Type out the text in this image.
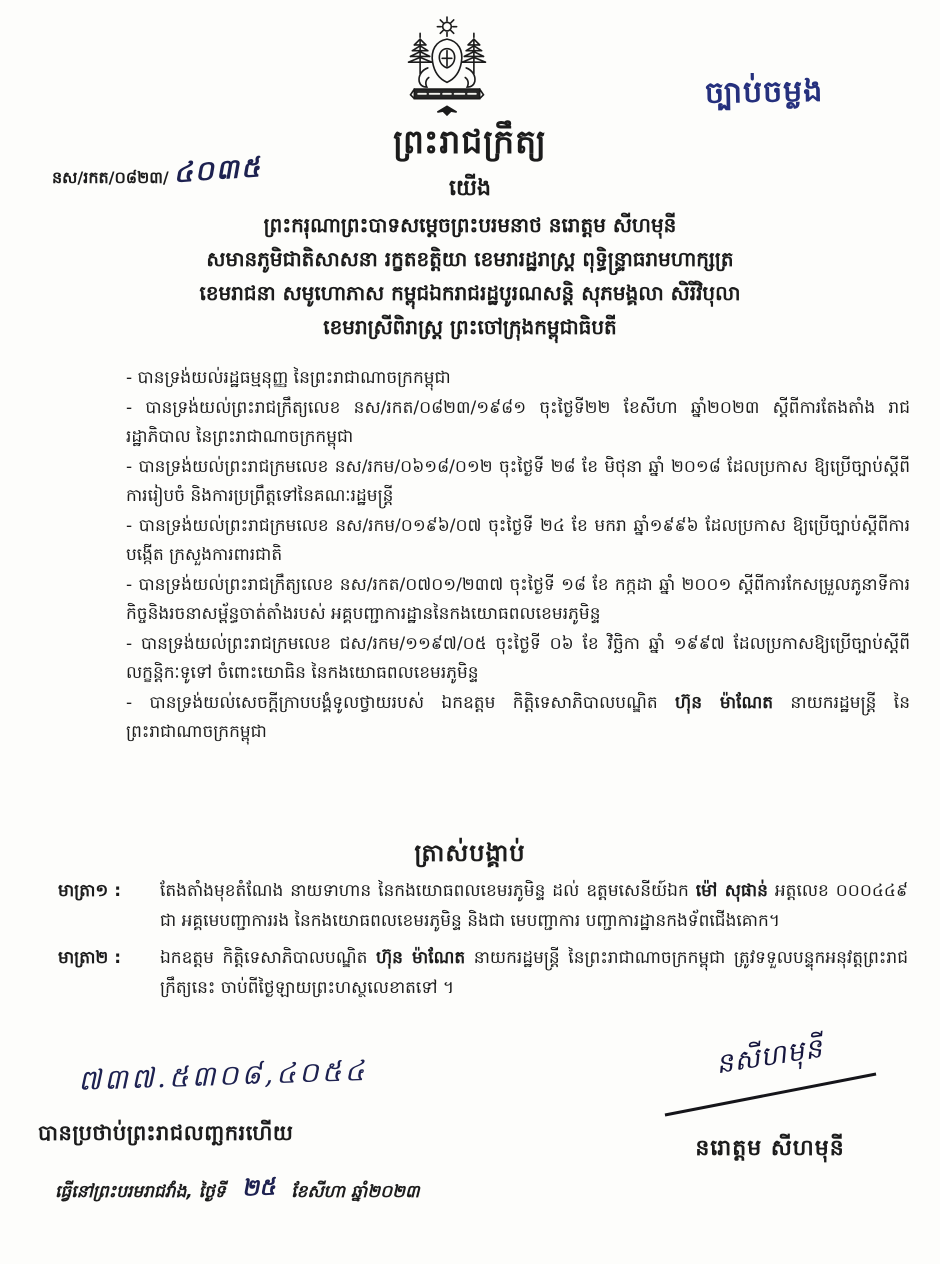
ច្បាប់ចម្លង
ព្រះរាជក្រឹត្យ
នស/រកត/០៨២៣/ ៤០៣៥	យើង
ព្រះករុណាព្រះបាទសម្តេចព្រះបរមនាថ នរោត្តម សីហមុនី
សមានភូមិជាតិសាសនា រក្ខតខត្តិយា ខេមរារដ្ឋរាស្ត្រ ពុទ្ធិន្ទ្រាធរាមហាក្សត្រ
ខេមរាជនា សមូហោភាស កម្ពុជឯករាជរដ្ឋបូរណសន្តិ សុភមង្គលា សិរីវិបុលា
ខេមរាស្រីពិរាស្ត្រ ព្រះចៅក្រុងកម្ពុជាធិបតី
- បានទ្រង់យល់រដ្ឋធម្មនុញ្ញ នៃព្រះរាជាណាចក្រកម្ពុជា
- បានទ្រង់យល់ព្រះរាជក្រឹត្យលេខ នស/រកត/០៨២៣/១៩៨១ ចុះថ្ងៃទី២២ ខែសីហា ឆ្នាំ២០២៣ ស្តីពីការតែងតាំង រាជរដ្ឋាភិបាល នៃព្រះរាជាណាចក្រកម្ពុជា
- បានទ្រង់យល់ព្រះរាជក្រមលេខ នស/រកម/០៦១៨/០១២ ចុះថ្ងៃទី ២៨ ខែ មិថុនា ឆ្នាំ ២០១៨ ដែលប្រកាស ឱ្យប្រើច្បាប់ស្តីពីការរៀបចំ និងការប្រព្រឹត្តទៅនៃគណៈរដ្ឋមន្ត្រី
- បានទ្រង់យល់ព្រះរាជក្រមលេខ នស/រកម/០១៩៦/០៧ ចុះថ្ងៃទី ២៤ ខែ មករា ឆ្នាំ១៩៩៦ ដែលប្រកាស ឱ្យប្រើច្បាប់ស្តីពីការបង្កើត ក្រសួងការពារជាតិ
- បានទ្រង់យល់ព្រះរាជក្រឹត្យលេខ នស/រកត/០៧០១/២៣៧ ចុះថ្ងៃទី ១៨ ខែ កក្កដា ឆ្នាំ ២០០១ ស្តីពីការកែសម្រួលភូនាទីការកិច្ចនិងរចនាសម្ព័ន្ធចាត់តាំងរបស់ អគ្គបញ្ជាការដ្ឋាននៃកងយោធពលខេមរភូមិន្ទ
- បានទ្រង់យល់ព្រះរាជក្រមលេខ ជស/រកម/១១៩៧/០៥ ចុះថ្ងៃទី ០៦ ខែ វិច្ឆិកា ឆ្នាំ ១៩៩៧ ដែលប្រកាសឱ្យប្រើច្បាប់ស្តីពីលក្ខន្តិកៈទូទៅ ចំពោះយោធិន នៃកងយោធពលខេមរភូមិន្ទ
- បានទ្រង់យល់សេចក្តីក្រាបបង្គំទូលថ្វាយរបស់ ឯកឧត្តម កិត្តិទេសាភិបាលបណ្ឌិត ហ៊ុន ម៉ាណែត នាយករដ្ឋមន្ត្រី នៃព្រះរាជាណាចក្រកម្ពុជា
ត្រាស់បង្គាប់
មាត្រា១ :	តែងតាំងមុខតំណែង នាយទាហាន នៃកងយោធពលខេមរភូមិន្ទ ដល់ ឧត្តមសេនីយ៍ឯក ម៉ៅ សុផាន់ អត្តលេខ ០០០៤៤៩ ជា អគ្គមេបញ្ជាការរង នៃកងយោធពលខេមរភូមិន្ទ និងជា មេបញ្ជាការ បញ្ជាការដ្ឋានកងទ័ពជើងគោក។
មាត្រា២ :	ឯកឧត្តម កិត្តិទេសាភិបាលបណ្ឌិត ហ៊ុន ម៉ាណែត នាយករដ្ឋមន្ត្រី នៃព្រះរាជាណាចក្រកម្ពុជា ត្រូវទទួលបន្ទុកអនុវត្តព្រះរាជក្រឹត្យនេះ ចាប់ពីថ្ងៃឡាយព្រះហស្ថលេខាតទៅ ។
៧៣៧.៥៣០៨,៤០៥៤
បានប្រថាប់ព្រះរាជលញ្ឆករហើយ
ធ្វើនៅព្រះបរមរាជវាំង, ថ្ងៃទី ២៥ ខែសីហា ឆ្នាំ២០២៣
នសីហមុនី
នរោត្តម សីហមុនី
